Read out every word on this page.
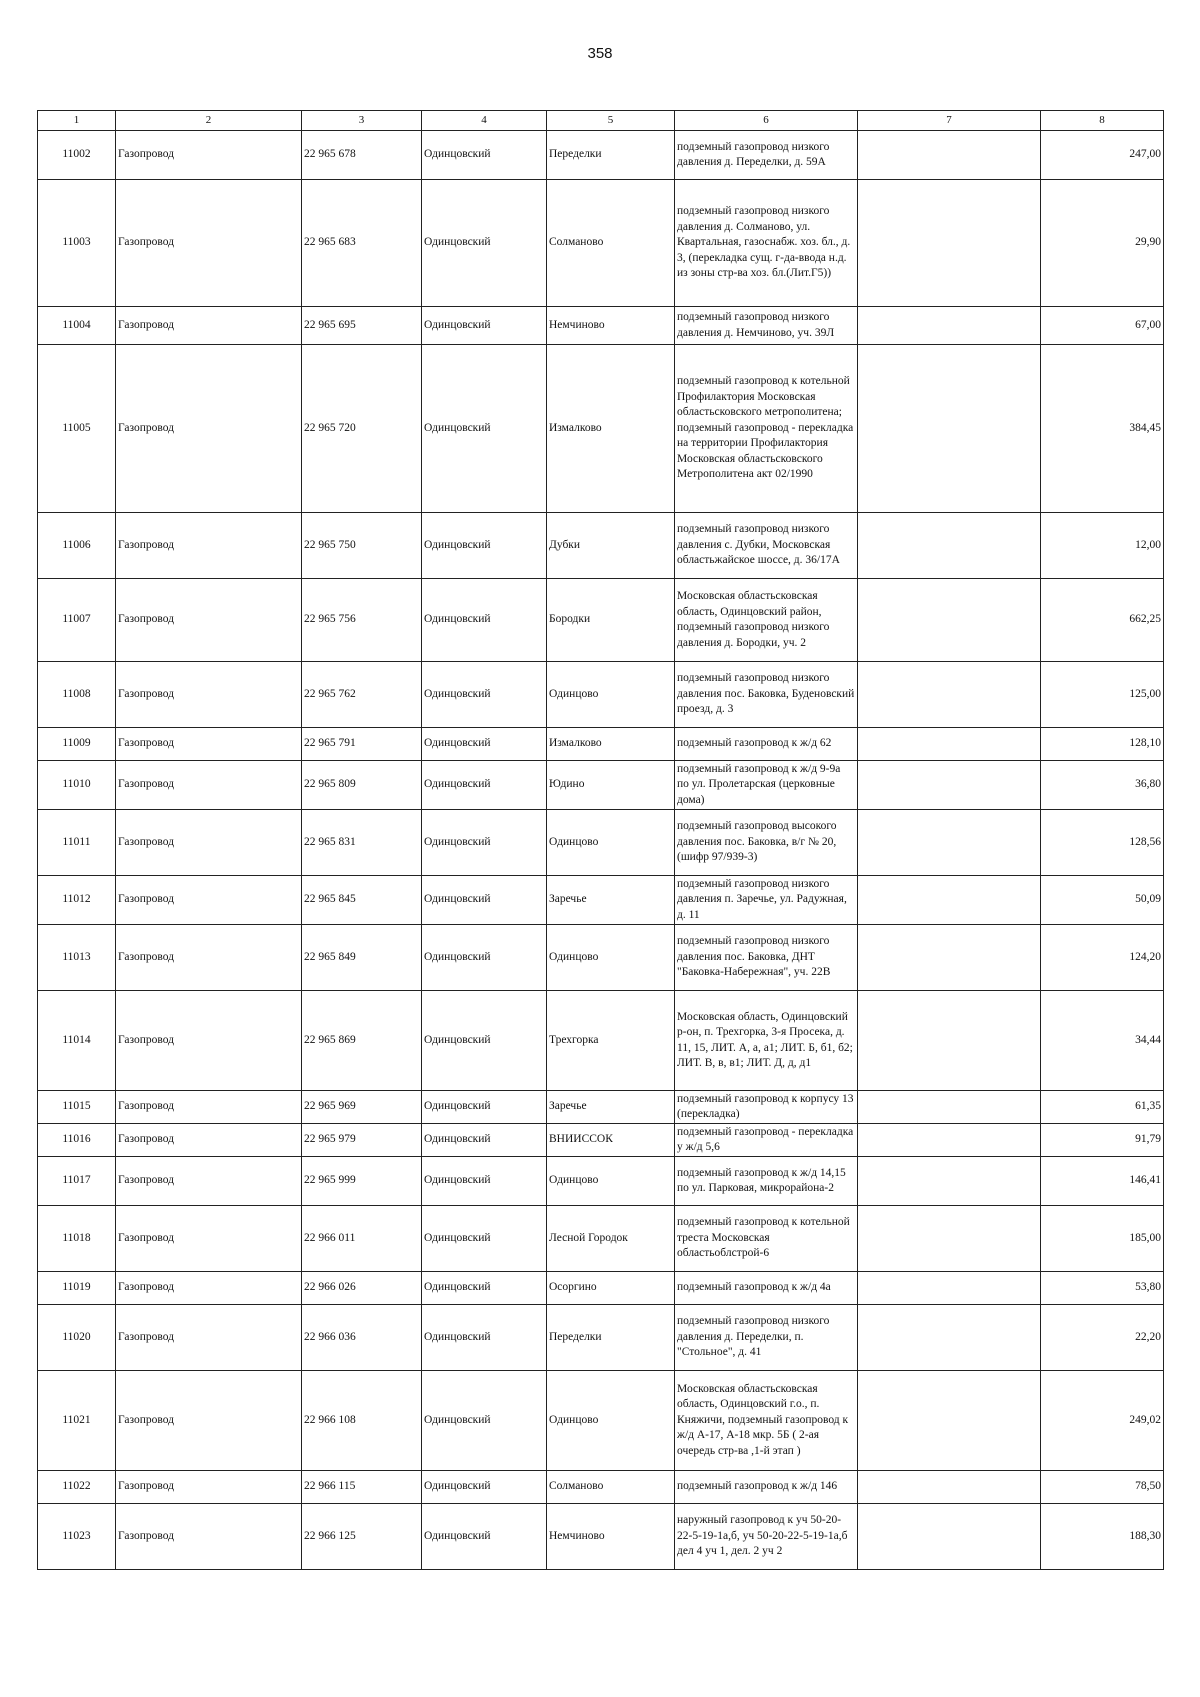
358
1	2	3	4	5	6	7	8
11002	Газопровод	22 965 678	Одинцовский	Переделки	подземный газопровод низкого давления д. Переделки, д. 59А		247,00
11003	Газопровод	22 965 683	Одинцовский	Солманово	подземный газопровод низкого давления д. Солманово, ул. Квартальная, газоснабж. хоз. бл., д. 3, (перекладка сущ. г-да-ввода н.д. из зоны стр-ва хоз. бл.(Лит.Г5))		29,90
11004	Газопровод	22 965 695	Одинцовский	Немчиново	подземный газопровод низкого давления д. Немчиново, уч. 39Л		67,00
11005	Газопровод	22 965 720	Одинцовский	Измалково	подземный газопровод к котельной Профилактория Московская областьсковского метрополитена; подземный газопровод - перекладка на территории Профилактория Московская областьсковского Метрополитена акт 02/1990		384,45
11006	Газопровод	22 965 750	Одинцовский	Дубки	подземный газопровод низкого давления с. Дубки, Московская областьжайское шоссе, д. 36/17А		12,00
11007	Газопровод	22 965 756	Одинцовский	Бородки	Московская областьсковская область, Одинцовский район, подземный газопровод низкого давления д. Бородки, уч. 2		662,25
11008	Газопровод	22 965 762	Одинцовский	Одинцово	подземный газопровод низкого давления пос. Баковка, Буденовский проезд, д. 3		125,00
11009	Газопровод	22 965 791	Одинцовский	Измалково	подземный газопровод к ж/д 62		128,10
11010	Газопровод	22 965 809	Одинцовский	Юдино	подземный газопровод к ж/д 9-9а по ул. Пролетарская (церковные дома)		36,80
11011	Газопровод	22 965 831	Одинцовский	Одинцово	подземный газопровод высокого давления пос. Баковка, в/г № 20, (шифр 97/939-3)		128,56
11012	Газопровод	22 965 845	Одинцовский	Заречье	подземный газопровод низкого давления п. Заречье, ул. Радужная, д. 11		50,09
11013	Газопровод	22 965 849	Одинцовский	Одинцово	подземный газопровод низкого давления пос. Баковка, ДНТ "Баковка-Набережная", уч. 22В		124,20
11014	Газопровод	22 965 869	Одинцовский	Трехгорка	Московская область, Одинцовский р-он, п. Трехгорка, 3-я Просека, д. 11, 15, ЛИТ. А, а, а1; ЛИТ. Б, б1, б2; ЛИТ. В, в, в1; ЛИТ. Д, д, д1		34,44
11015	Газопровод	22 965 969	Одинцовский	Заречье	подземный газопровод к корпусу 13 (перекладка)		61,35
11016	Газопровод	22 965 979	Одинцовский	ВНИИССОК	подземный газопровод - перекладка у ж/д 5,6		91,79
11017	Газопровод	22 965 999	Одинцовский	Одинцово	подземный газопровод к ж/д 14,15 по ул. Парковая, микрорайона-2		146,41
11018	Газопровод	22 966 011	Одинцовский	Лесной Городок	подземный газопровод к котельной треста Московская областьоблстрой-6		185,00
11019	Газопровод	22 966 026	Одинцовский	Осоргино	подземный газопровод к ж/д 4а		53,80
11020	Газопровод	22 966 036	Одинцовский	Переделки	подземный газопровод низкого давления д. Переделки, п. "Стольное", д. 41		22,20
11021	Газопровод	22 966 108	Одинцовский	Одинцово	Московская областьсковская область, Одинцовский г.о., п. Княжичи, подземный газопровод к ж/д А-17, А-18 мкр. 5Б ( 2-ая очередь стр-ва ,1-й этап )		249,02
11022	Газопровод	22 966 115	Одинцовский	Солманово	подземный газопровод к ж/д 146		78,50
11023	Газопровод	22 966 125	Одинцовский	Немчиново	наружный газопровод к уч 50-20-22-5-19-1а,б, уч 50-20-22-5-19-1а,б дел 4 уч 1, дел. 2 уч 2		188,30
